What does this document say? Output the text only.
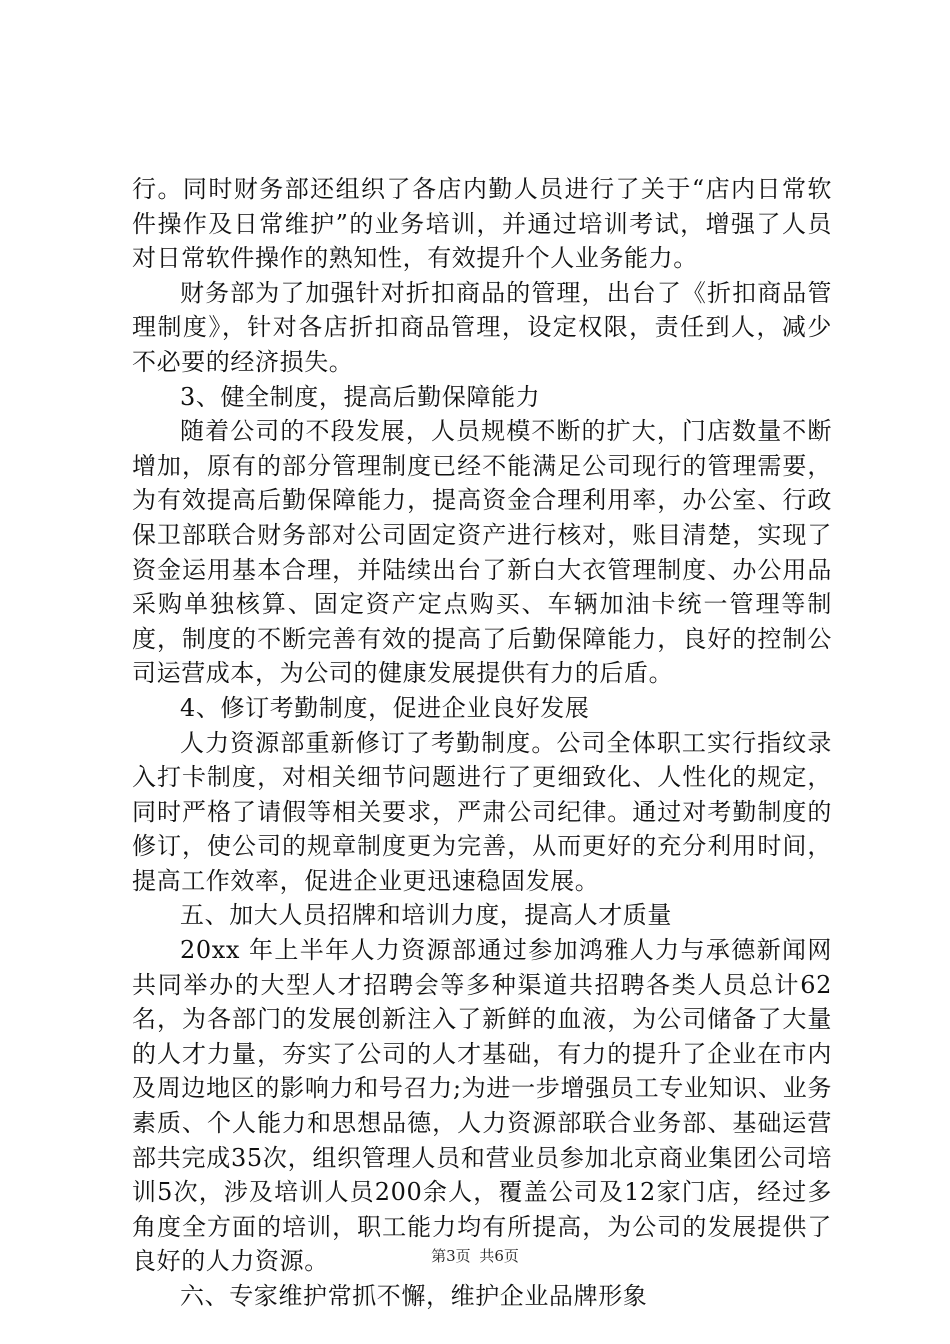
行。同时财务部还组织了各店内勤人员进行了关于“店内日常软件操作及日常维护”的业务培训，并通过培训考试，增强了人员对日常软件操作的熟知性，有效提升个人业务能力。

财务部为了加强针对折扣商品的管理，出台了《折扣商品管理制度》，针对各店折扣商品管理，设定权限，责任到人，减少不必要的经济损失。

3、健全制度，提高后勤保障能力

随着公司的不段发展，人员规模不断的扩大，门店数量不断增加，原有的部分管理制度已经不能满足公司现行的管理需要，为有效提高后勤保障能力，提高资金合理利用率，办公室、行政保卫部联合财务部对公司固定资产进行核对，账目清楚，实现了资金运用基本合理，并陆续出台了新白大衣管理制度、办公用品采购单独核算、固定资产定点购买、车辆加油卡统一管理等制度，制度的不断完善有效的提高了后勤保障能力，良好的控制公司运营成本，为公司的健康发展提供有力的后盾。

4、修订考勤制度，促进企业良好发展

人力资源部重新修订了考勤制度。公司全体职工实行指纹录入打卡制度，对相关细节问题进行了更细致化、人性化的规定，同时严格了请假等相关要求，严肃公司纪律。通过对考勤制度的修订，使公司的规章制度更为完善，从而更好的充分利用时间，提高工作效率，促进企业更迅速稳固发展。

五、加大人员招牌和培训力度，提高人才质量

20xx 年上半年人力资源部通过参加鸿雅人力与承德新闻网共同举办的大型人才招聘会等多种渠道共招聘各类人员总计62名，为各部门的发展创新注入了新鲜的血液，为公司储备了大量的人才力量，夯实了公司的人才基础，有力的提升了企业在市内及周边地区的影响力和号召力;为进一步增强员工专业知识、业务素质、个人能力和思想品德，人力资源部联合业务部、基础运营部共完成35次，组织管理人员和营业员参加北京商业集团公司培训5次，涉及培训人员200余人，覆盖公司及12家门店，经过多角度全方面的培训，职工能力均有所提高，为公司的发展提供了良好的人力资源。

六、专家维护常抓不懈，维护企业品牌形象

第3页 共6页
